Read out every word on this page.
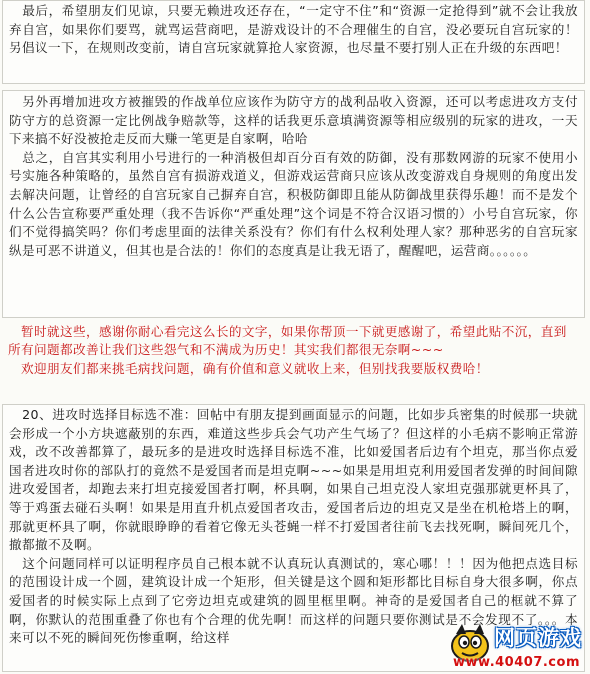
　最后，希望朋友们见谅，只要无赖进攻还存在，“一定守不住”和“资源一定抢得到”就不会让我放弃自宫，如果你们要骂，就骂运营商吧，是游戏设计的不合理催生的自宫，没必要玩自宫玩家的！另倡议一下，在规则改变前，请自宫玩家就算抢人家资源，也尽量不要打别人正在升级的东西吧！

　另外再增加进攻方被摧毁的作战单位应该作为防守方的战利品收入资源，还可以考虑进攻方支付防守方的总资源一定比例战争赔款等，这样的话我更乐意填满资源等相应级别的玩家的进攻，一天下来搞不好没被抢走反而大赚一笔更是自家啊，哈哈

　总之，自宫其实利用小号进行的一种消极但却百分百有效的防御，没有那数网游的玩家不使用小号实施各种策略的，虽然自宫有损游戏道义，但游戏运营商只应该从改变游戏自身规则的角度出发去解决问题，让曾经的自宫玩家自己摒弃自宫，积极防御即且能从防御战里获得乐趣！而不是发个什么公告宣称要严重处理（我不告诉你“严重处理”这个词是不符合汉语习惯的）小号自宫玩家，你们不觉得搞笑吗？你们考虑里面的法律关系没有？你们有什么权利处理人家？那种恶劣的自宫玩家纵是可恶不讲道义，但其也是合法的！你们的态度真是让我无语了，醒醒吧，运营商。。。。。。

　暂时就这些，感谢你耐心看完这么长的文字，如果你帮顶一下就更感谢了，希望此贴不沉，直到所有问题都改善让我们这些怨气和不满成为历史！其实我们都很无奈啊~~~
　欢迎朋友们都来挑毛病找问题，确有价值和意义就收上来，但别找我要版权费哈！

　20、进攻时选择目标选不准：回帖中有朋友提到画面显示的问题，比如步兵密集的时候那一块就会形成一个小方块遮蔽别的东西，难道这些步兵会气功产生气场了？但这样的小毛病不影响正常游戏，改不改善都算了，最玩多的是进攻时选择目标选不准，比如爱国者后边有个坦克，那当你点爱国者进攻时你的部队打的竟然不是爱国者而是坦克啊~~~如果是用坦克利用爱国者发弹的时间间隙进攻爱国者，却跑去来打坦克接爱国者打啊，杯具啊，如果自己坦克没人家坦克强那就更杯具了，等于鸡蛋去碰石头啊！如果是用直升机点爱国者攻击，爱国者后边的坦克又是坐在机枪塔上的啊，那就更杯具了啊，你就眼睁睁的看着它像无头苍蝇一样不打爱国者往前飞去找死啊，瞬间死几个，撤都撤不及啊。

　这个问题同样可以证明程序员自己根本就不认真玩认真测试的，寒心哪！！！因为他把点选目标的范围设计成一个圆，建筑设计成一个矩形，但关键是这个圆和矩形都比目标自身大很多啊，你点爱国者的时候实际上点到了它旁边坦克或建筑的圆里框里啊。神奇的是爱国者自己的框就不算了啊，你默认的范围重叠了你也有个合理的优先啊！而这样的问题只要你测试是不会发现不了。。。本来可以不死的瞬间死伤惨重啊，给这样	网页游戏
www.40407.com
